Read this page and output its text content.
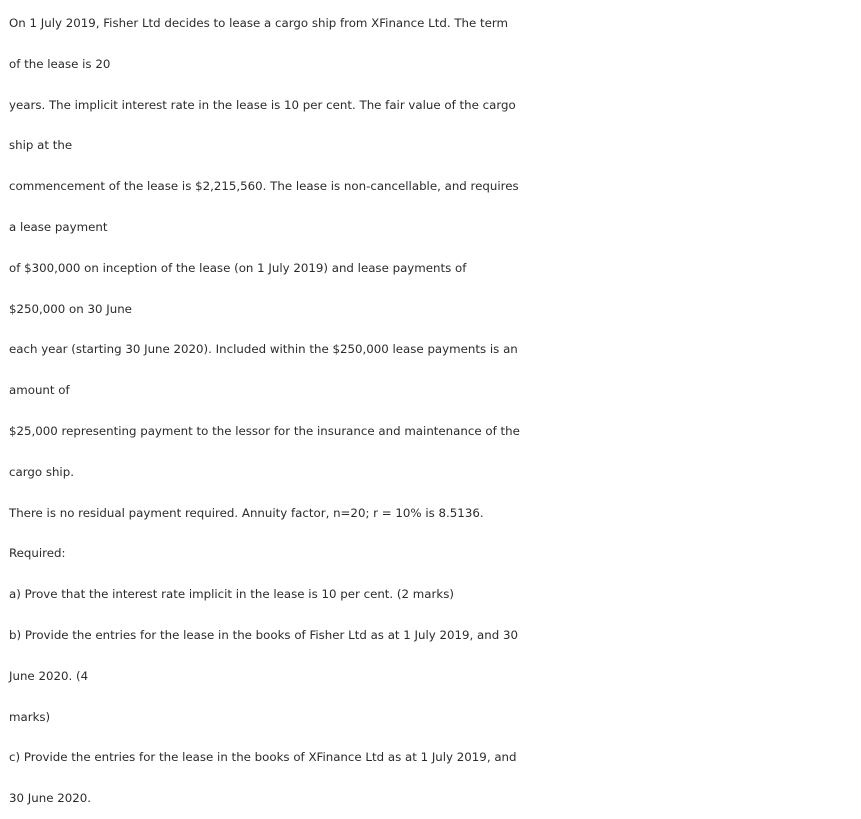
On 1 July 2019, Fisher Ltd decides to lease a cargo ship from XFinance Ltd. The term
of the lease is 20
years. The implicit interest rate in the lease is 10 per cent. The fair value of the cargo
ship at the
commencement of the lease is $2,215,560. The lease is non-cancellable, and requires
a lease payment
of $300,000 on inception of the lease (on 1 July 2019) and lease payments of
$250,000 on 30 June
each year (starting 30 June 2020). Included within the $250,000 lease payments is an
amount of
$25,000 representing payment to the lessor for the insurance and maintenance of the
cargo ship.
There is no residual payment required. Annuity factor, n=20; r = 10% is 8.5136.
Required:
a) Prove that the interest rate implicit in the lease is 10 per cent. (2 marks)
b) Provide the entries for the lease in the books of Fisher Ltd as at 1 July 2019, and 30
June 2020. (4
marks)
c) Provide the entries for the lease in the books of XFinance Ltd as at 1 July 2019, and
30 June 2020.
